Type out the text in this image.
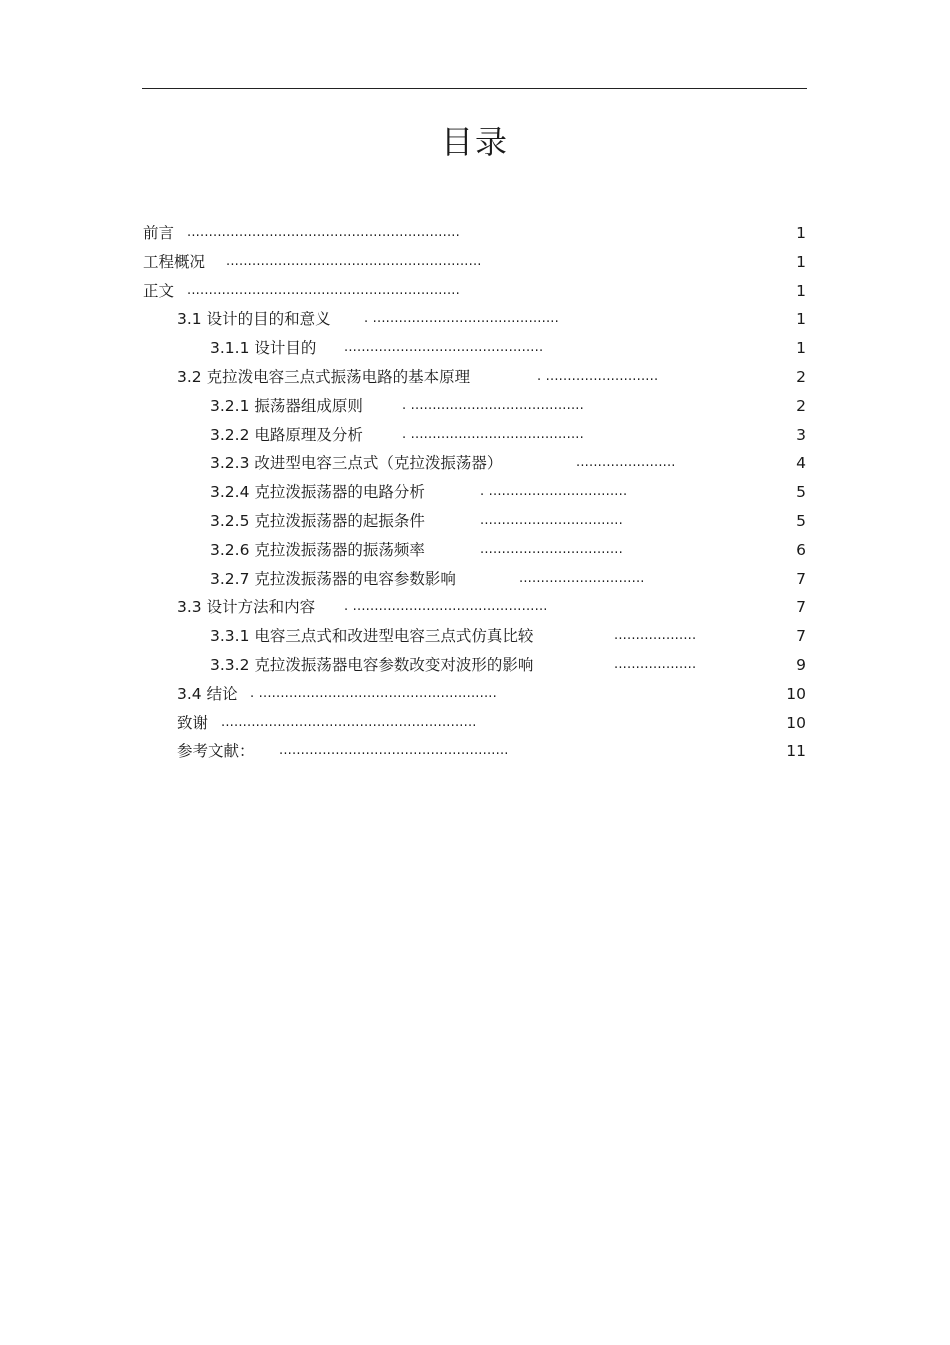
目录
前言 ...............................................................	1
工程概况 ...........................................................	1
正文 ...............................................................	1
3.1 设计的目的和意义	. ...........................................	1
3.1.1 设计目的 ..............................................	1
3.2 克拉泼电容三点式振荡电路的基本原理	. ..........................	2
3.2.1 振荡器组成原则	. ........................................	2
3.2.2 电路原理及分析	. ........................................	3
3.2.3 改进型电容三点式（克拉泼振荡器）	.......................	4
3.2.4 克拉泼振荡器的电路分析	. ................................	5
3.2.5 克拉泼振荡器的起振条件	.................................	5
3.2.6 克拉泼振荡器的振荡频率	.................................	6
3.2.7 克拉泼振荡器的电容参数影响	.............................	7
3.3 设计方法和内容 . .............................................	7
3.3.1 电容三点式和改进型电容三点式仿真比较	...................	7
3.3.2 克拉泼振荡器电容参数改变对波形的影响	...................	9
3.4 结论 . .......................................................	10
致谢 ...........................................................	10
参考文献： .....................................................	11
